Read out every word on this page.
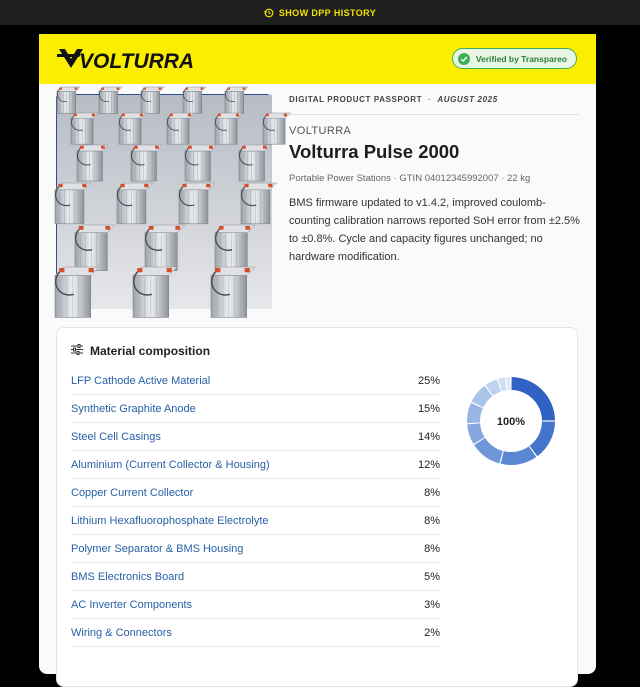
SHOW DPP HISTORY
VOLTURRA	Verified by Transpareo
DIGITAL PRODUCT PASSPORT · AUGUST 2025
VOLTURRA
Volturra Pulse 2000
Portable Power Stations · GTIN 04012345992007 · 22 kg
BMS firmware updated to v1.4.2, improved coulomb-counting calibration narrows reported SoH error from ±2.5% to ±0.8%. Cycle and capacity figures unchanged; no hardware modification.
Material composition
LFP Cathode Active Material	25%
Synthetic Graphite Anode	15%
Steel Cell Casings	14%
Aluminium (Current Collector & Housing)	12%
Copper Current Collector	8%
Lithium Hexafluorophosphate Electrolyte	8%
Polymer Separator & BMS Housing	8%
BMS Electronics Board	5%
AC Inverter Components	3%
Wiring & Connectors	2%
100%
